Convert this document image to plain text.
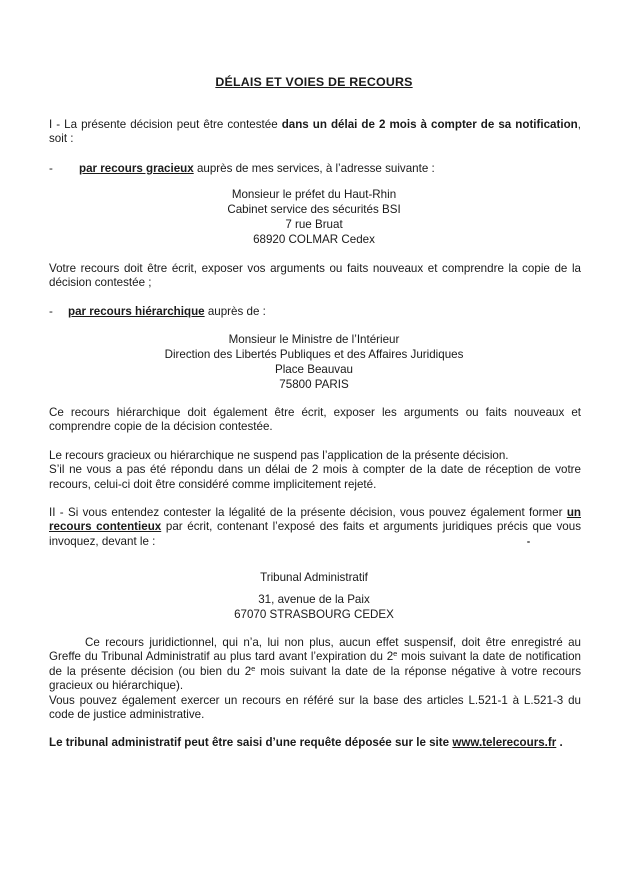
DÉLAIS ET VOIES DE RECOURS
I - La présente décision peut être contestée dans un délai de 2 mois à compter de sa notification, soit :
- par recours gracieux auprès de mes services, à l’adresse suivante :
Monsieur le préfet du Haut-Rhin
Cabinet service des sécurités BSI
7 rue Bruat
68920 COLMAR Cedex
Votre recours doit être écrit, exposer vos arguments ou faits nouveaux et comprendre la copie de la décision contestée ;
- par recours hiérarchique auprès de :
Monsieur le Ministre de l’Intérieur
Direction des Libertés Publiques et des Affaires Juridiques
Place Beauvau
75800 PARIS
Ce recours hiérarchique doit également être écrit, exposer les arguments ou faits nouveaux et comprendre copie de la décision contestée.
Le recours gracieux ou hiérarchique ne suspend pas l’application de la présente décision.
S’il ne vous a pas été répondu dans un délai de 2 mois à compter de la date de réception de votre recours, celui-ci doit être considéré comme implicitement rejeté.
II - Si vous entendez contester la légalité de la présente décision, vous pouvez également former un recours contentieux par écrit, contenant l’exposé des faits et arguments juridiques précis que vous invoquez, devant le :
Tribunal Administratif
31, avenue de la Paix
67070 STRASBOURG CEDEX
Ce recours juridictionnel, qui n’a, lui non plus, aucun effet suspensif, doit être enregistré au Greffe du Tribunal Administratif au plus tard avant l’expiration du 2e mois suivant la date de notification de la présente décision (ou bien du 2e mois suivant la date de la réponse négative à votre recours gracieux ou hiérarchique).
Vous pouvez également exercer un recours en référé sur la base des articles L.521-1 à L.521-3 du code de justice administrative.
Le tribunal administratif peut être saisi d’une requête déposée sur le site www.telerecours.fr .
